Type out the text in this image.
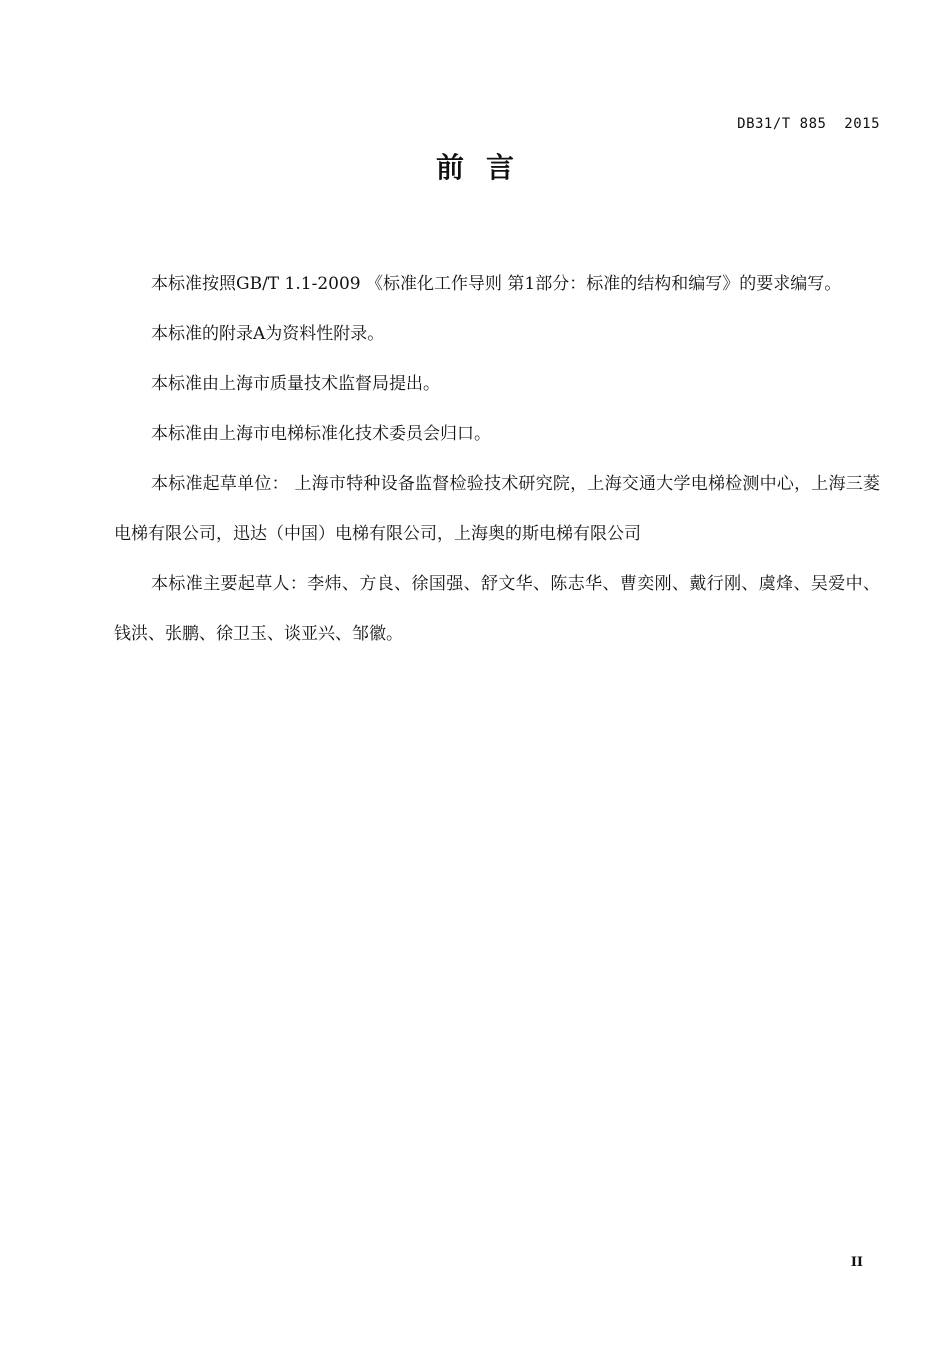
DB31/T 885  2015
前言

本标准按照GB/T 1.1-2009 《标准化工作导则 第1部分：标准的结构和编写》的要求编写。

本标准的附录A为资料性附录。

本标准由上海市质量技术监督局提出。

本标准由上海市电梯标准化技术委员会归口。

本标准起草单位： 上海市特种设备监督检验技术研究院，上海交通大学电梯检测中心，上海三菱电梯有限公司，迅达（中国）电梯有限公司，上海奥的斯电梯有限公司

本标准主要起草人：李炜、方良、徐国强、舒文华、陈志华、曹奕刚、戴行刚、虞烽、吴爱中、钱洪、张鹏、徐卫玉、谈亚兴、邹徽。

II
